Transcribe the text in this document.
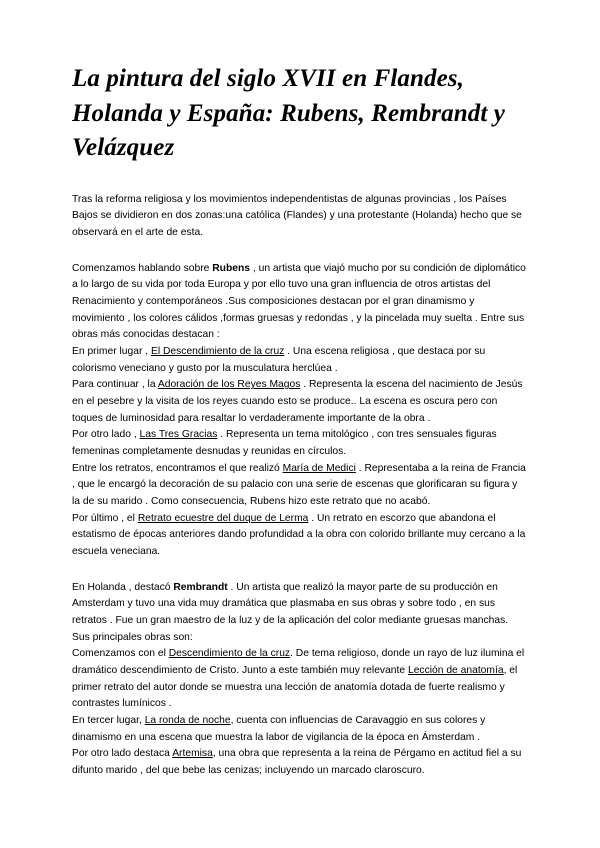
La pintura del siglo XVII en Flandes, Holanda y España: Rubens, Rembrandt y Velázquez

Tras la reforma religiosa y los movimientos independentistas de algunas provincias , los Países Bajos se dividieron en dos zonas:una católica (Flandes) y una protestante (Holanda) hecho que se observará en el arte de esta.

Comenzamos hablando sobre Rubens , un artista que viajó mucho por su condición de diplomático a lo largo de su vida por toda Europa y por ello tuvo una gran influencia de otros artistas del Renacimiento y contemporáneos .Sus composiciones destacan por el gran dinamismo y movimiento , los colores cálidos ,formas gruesas y redondas , y la pincelada muy suelta . Entre sus obras más conocidas destacan :

En primer lugar , El Descendimiento de la cruz . Una escena religiosa , que destaca por su colorismo veneciano y gusto por la musculatura herclúea .

Para continuar , la Adoración de los Reyes Magos . Representa la escena del nacimiento de Jesús en el pesebre y la visita de los reyes cuando esto se produce.. La escena es oscura pero con toques de luminosidad para resaltar lo verdaderamente importante de la obra .

Por otro lado , Las Tres Gracias . Representa un tema mitológico , con tres sensuales figuras femeninas completamente desnudas y reunidas en círculos.

Entre los retratos, encontramos el que realizó María de Medici . Representaba a la reina de Francia , que le encargó la decoración de su palacio con una serie de escenas que glorificaran su figura y la de su marido . Como consecuencia, Rubens hizo este retrato que no acabó.

Por último , el Retrato ecuestre del duque de Lerma . Un retrato en escorzo que abandona el estatismo de épocas anteriores dando profundidad a la obra con colorido brillante muy cercano a la escuela veneciana.

En Holanda , destacó Rembrandt . Un artista que realizó la mayor parte de su producción en Amsterdam y tuvo una vida muy dramática que plasmaba en sus obras y sobre todo , en sus retratos . Fue un gran maestro de la luz y de la aplicación del color mediante gruesas manchas. Sus principales obras son:

Comenzamos con el Descendimiento de la cruz. De tema religioso, donde un rayo de luz ilumina el dramático descendimiento de Cristo. Junto a este también muy relevante Lección de anatomía, el primer retrato del autor donde se muestra una lección de anatomía dotada de fuerte realismo y contrastes lumínicos .

En tercer lugar, La ronda de noche, cuenta con influencias de Caravaggio en sus colores y dinamismo en una escena que muestra la labor de vigilancia de la época en Ámsterdam .

Por otro lado destaca Artemisa, una obra que representa a la reina de Pérgamo en actitud fiel a su difunto marido , del que bebe las cenizas; incluyendo un marcado claroscuro.
